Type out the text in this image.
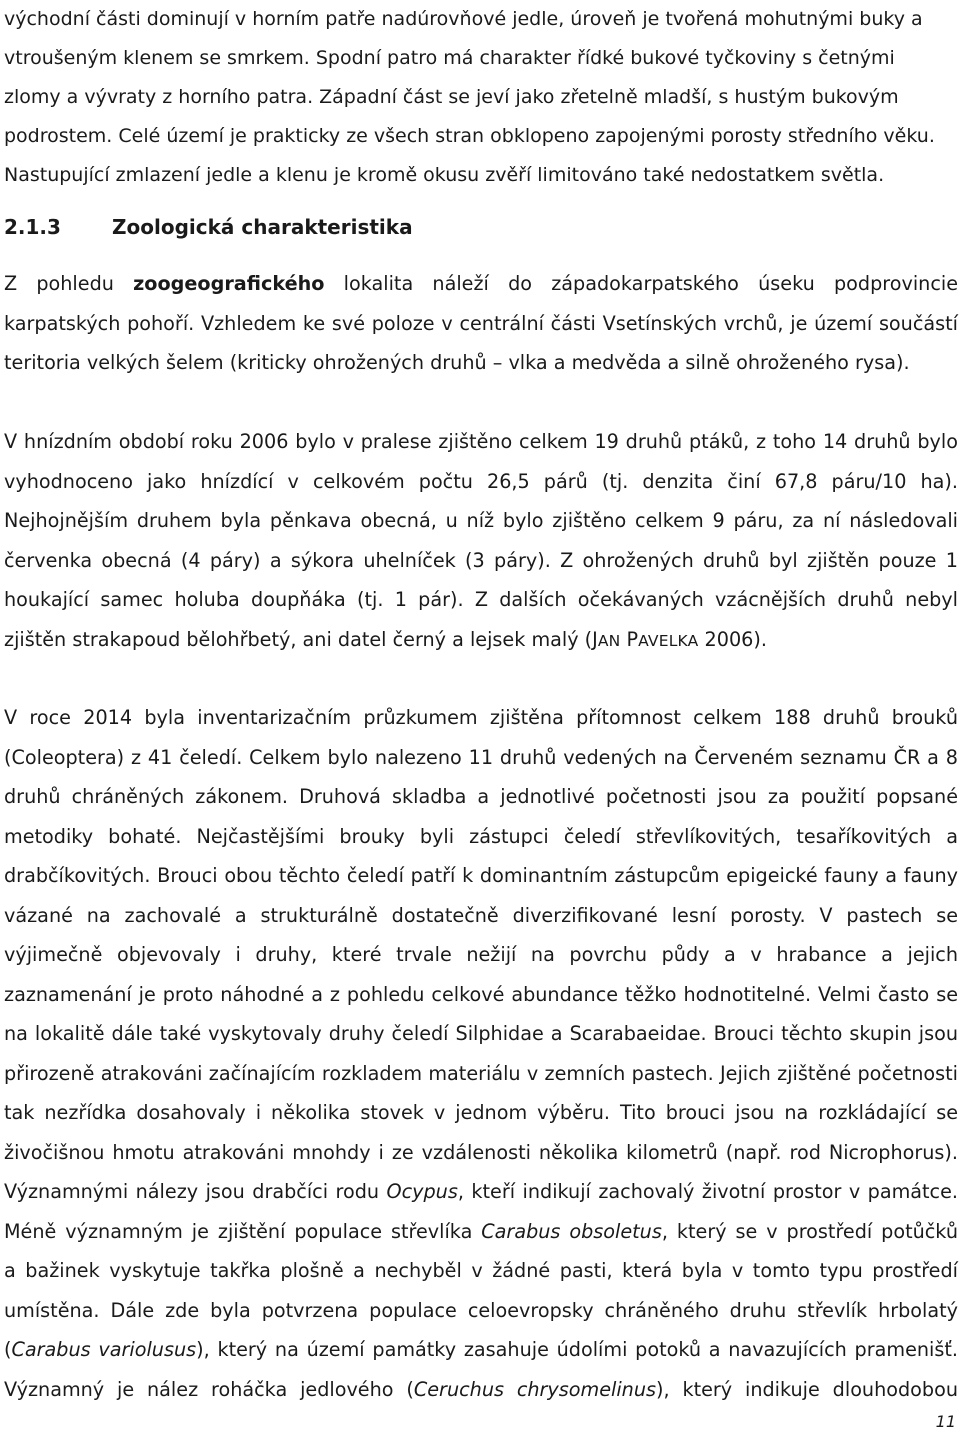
východní části dominují v horním patře nadúrovňové jedle, úroveň je tvořená mohutnými buky a
vtroušeným klenem se smrkem. Spodní patro má charakter řídké bukové tyčkoviny s četnými
zlomy a vývraty z horního patra. Západní část se jeví jako zřetelně mladší, s hustým bukovým
podrostem. Celé území je prakticky ze všech stran obklopeno zapojenými porosty středního věku.
Nastupující zmlazení jedle a klenu je kromě okusu zvěří limitováno také nedostatkem světla.
2.1.3	Zoologická charakteristika
Z pohledu zoogeografického lokalita náleží do západokarpatského úseku podprovincie
karpatských pohoří. Vzhledem ke své poloze v centrální části Vsetínských vrchů, je území součástí
teritoria velkých šelem (kriticky ohrožených druhů – vlka a medvěda a silně ohroženého rysa).
V hnízdním období roku 2006 bylo v pralese zjištěno celkem 19 druhů ptáků, z toho 14 druhů bylo
vyhodnoceno jako hnízdící v celkovém počtu 26,5 párů (tj. denzita činí 67,8 páru/10 ha).
Nejhojnějším druhem byla pěnkava obecná, u níž bylo zjištěno celkem 9 páru, za ní následovali
červenka obecná (4 páry) a sýkora uhelníček (3 páry). Z ohrožených druhů byl zjištěn pouze 1
houkající samec holuba doupňáka (tj. 1 pár). Z dalších očekávaných vzácnějších druhů nebyl
zjištěn strakapoud bělohřbetý, ani datel černý a lejsek malý (JAN PAVELKA 2006).
V roce 2014 byla inventarizačním průzkumem zjištěna přítomnost celkem 188 druhů brouků
(Coleoptera) z 41 čeledí. Celkem bylo nalezeno 11 druhů vedených na Červeném seznamu ČR a 8
druhů chráněných zákonem. Druhová skladba a jednotlivé početnosti jsou za použití popsané
metodiky bohaté. Nejčastějšími brouky byli zástupci čeledí střevlíkovitých, tesaříkovitých a
drabčíkovitých. Brouci obou těchto čeledí patří k dominantním zástupcům epigeické fauny a fauny
vázané na zachovalé a strukturálně dostatečně diverzifikované lesní porosty. V pastech se
výjimečně objevovaly i druhy, které trvale nežijí na povrchu půdy a v hrabance a jejich
zaznamenání je proto náhodné a z pohledu celkové abundance těžko hodnotitelné. Velmi často se
na lokalitě dále také vyskytovaly druhy čeledí Silphidae a Scarabaeidae. Brouci těchto skupin jsou
přirozeně atrakováni začínajícím rozkladem materiálu v zemních pastech. Jejich zjištěné početnosti
tak nezřídka dosahovaly i několika stovek v jednom výběru. Tito brouci jsou na rozkládající se
živočišnou hmotu atrakováni mnohdy i ze vzdálenosti několika kilometrů (např. rod Nicrophorus).
Významnými nálezy jsou drabčíci rodu Ocypus, kteří indikují zachovalý životní prostor v památce.
Méně významným je zjištění populace střevlíka Carabus obsoletus, který se v prostředí potůčků
a bažinek vyskytuje takřka plošně a nechyběl v žádné pasti, která byla v tomto typu prostředí
umístěna. Dále zde byla potvrzena populace celoevropsky chráněného druhu střevlík hrbolatý
(Carabus variolusus), který na území památky zasahuje údolími potoků a navazujících pramenišť.
Významný je nález roháčka jedlového (Ceruchus chrysomelinus), který indikuje dlouhodobou
11
